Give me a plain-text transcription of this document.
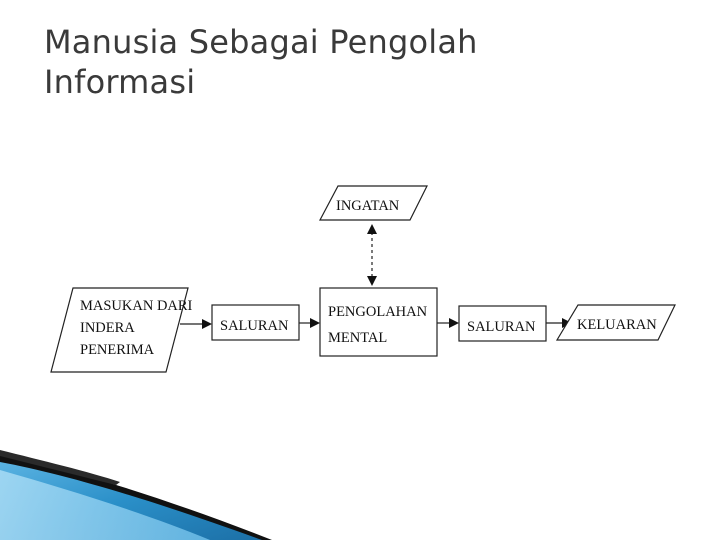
Manusia Sebagai Pengolah
Informasi
INGATAN
MASUKAN DARI
INDERA
PENERIMA
SALURAN
PENGOLAHAN
MENTAL
SALURAN	KELUARAN
